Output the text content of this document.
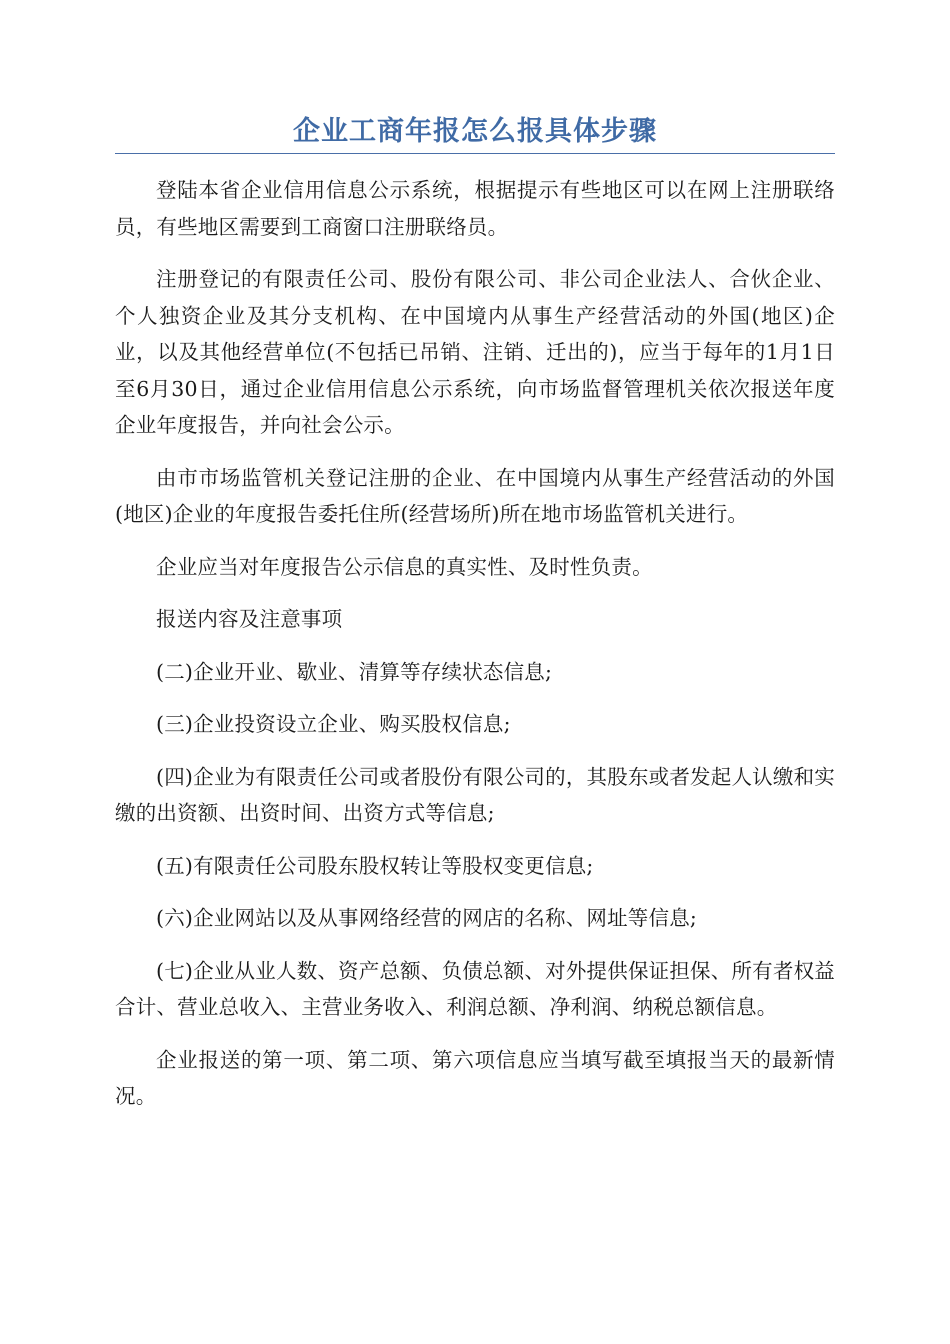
企业工商年报怎么报具体步骤

登陆本省企业信用信息公示系统，根据提示有些地区可以在网上注册联络员，有些地区需要到工商窗口注册联络员。

注册登记的有限责任公司、股份有限公司、非公司企业法人、合伙企业、个人独资企业及其分支机构、在中国境内从事生产经营活动的外国(地区)企业，以及其他经营单位(不包括已吊销、注销、迁出的)，应当于每年的1月1日至6月30日，通过企业信用信息公示系统，向市场监督管理机关依次报送年度企业年度报告，并向社会公示。

由市市场监管机关登记注册的企业、在中国境内从事生产经营活动的外国(地区)企业的年度报告委托住所(经营场所)所在地市场监管机关进行。

企业应当对年度报告公示信息的真实性、及时性负责。

报送内容及注意事项

(二)企业开业、歇业、清算等存续状态信息;

(三)企业投资设立企业、购买股权信息;

(四)企业为有限责任公司或者股份有限公司的，其股东或者发起人认缴和实缴的出资额、出资时间、出资方式等信息;

(五)有限责任公司股东股权转让等股权变更信息;

(六)企业网站以及从事网络经营的网店的名称、网址等信息;

(七)企业从业人数、资产总额、负债总额、对外提供保证担保、所有者权益合计、营业总收入、主营业务收入、利润总额、净利润、纳税总额信息。

企业报送的第一项、第二项、第六项信息应当填写截至填报当天的最新情况。
